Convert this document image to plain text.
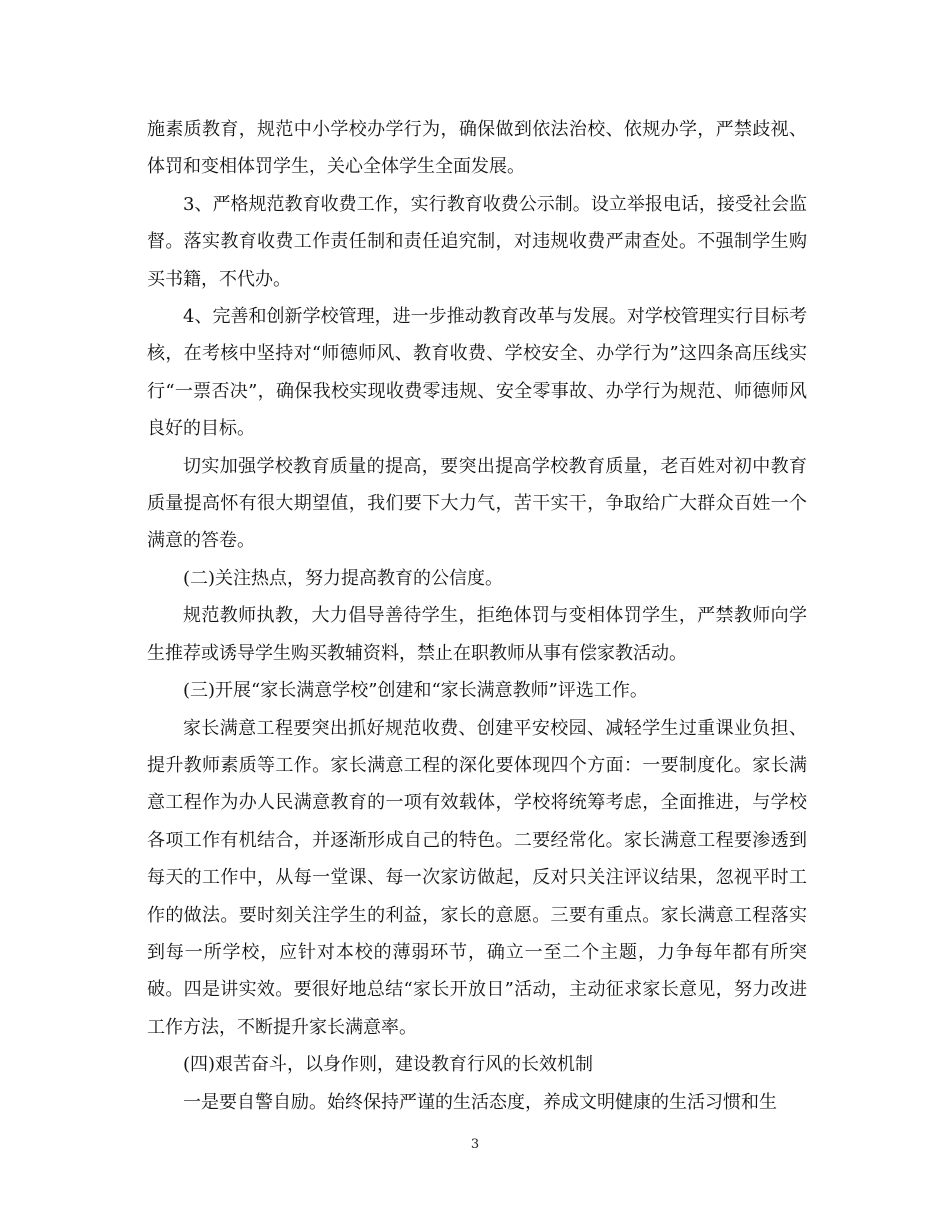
施素质教育，规范中小学校办学行为，确保做到依法治校、依规办学，严禁歧视、体罚和变相体罚学生，关心全体学生全面发展。

3、严格规范教育收费工作，实行教育收费公示制。设立举报电话，接受社会监督。落实教育收费工作责任制和责任追究制，对违规收费严肃查处。不强制学生购买书籍，不代办。

4、完善和创新学校管理，进一步推动教育改革与发展。对学校管理实行目标考核，在考核中坚持对“师德师风、教育收费、学校安全、办学行为”这四条高压线实行“一票否决”，确保我校实现收费零违规、安全零事故、办学行为规范、师德师风良好的目标。

切实加强学校教育质量的提高，要突出提高学校教育质量，老百姓对初中教育质量提高怀有很大期望值，我们要下大力气，苦干实干，争取给广大群众百姓一个满意的答卷。

(二)关注热点，努力提高教育的公信度。

规范教师执教，大力倡导善待学生，拒绝体罚与变相体罚学生，严禁教师向学生推荐或诱导学生购买教辅资料，禁止在职教师从事有偿家教活动。

(三)开展“家长满意学校”创建和“家长满意教师”评选工作。

家长满意工程要突出抓好规范收费、创建平安校园、减轻学生过重课业负担、提升教师素质等工作。家长满意工程的深化要体现四个方面：一要制度化。家长满意工程作为办人民满意教育的一项有效载体，学校将统筹考虑，全面推进，与学校各项工作有机结合，并逐渐形成自己的特色。二要经常化。家长满意工程要渗透到每天的工作中，从每一堂课、每一次家访做起，反对只关注评议结果，忽视平时工作的做法。要时刻关注学生的利益，家长的意愿。三要有重点。家长满意工程落实到每一所学校，应针对本校的薄弱环节，确立一至二个主题，力争每年都有所突破。四是讲实效。要很好地总结“家长开放日”活动，主动征求家长意见，努力改进工作方法，不断提升家长满意率。

(四)艰苦奋斗，以身作则，建设教育行风的长效机制

一是要自警自励。始终保持严谨的生活态度，养成文明健康的生活习惯和生

3
